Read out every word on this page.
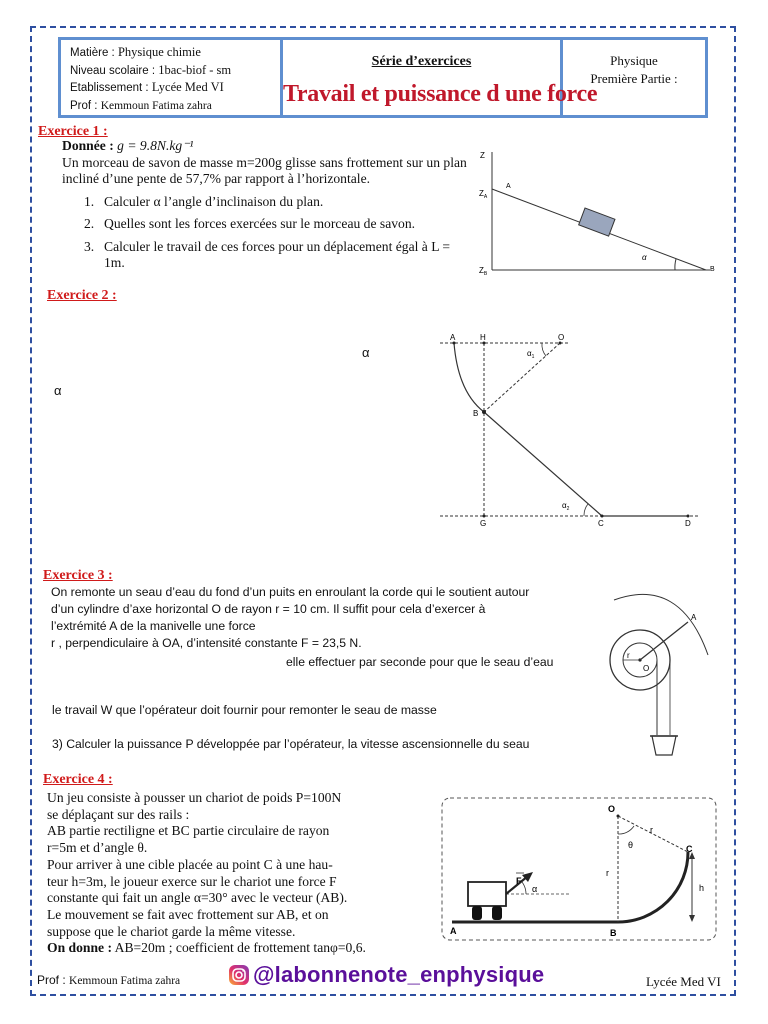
Matière : Physique chimie
Niveau scolaire : 1bac-biof - sm
Etablissement : Lycée Med VI
Prof : Kemmoun Fatima zahra
Série d’exercices
Travail et puissance d une force
Physique
Première Partie :
Exercice 1 :
Donnée : g = 9.8N.kg⁻¹
Un morceau de savon de masse m=200g glisse sans frottement sur un plan incliné d’une pente de 57,7% par rapport à l’horizontale.
1. Calculer α l’angle d’inclinaison du plan.
2. Quelles sont les forces exercées sur le morceau de savon.
3. Calculer le travail de ces forces pour un déplacement égal à L = 1m.
Z
$Z_A$
A
$Z_B$
B
α
Exercice 2 :
α
α
A	H	O
B
G	C	D
$\alpha_1$
$\alpha_2$
Exercice 3 :
On remonte un seau d’eau du fond d’un puits en enroulant la corde qui le soutient autour
d’un cylindre d’axe horizontal O de rayon r = 10 cm. Il suffit pour cela d’exercer à
l’extrémité A de la manivelle une force
r , perpendiculaire à OA, d’intensité constante F = 23,5 N.
elle effectuer par seconde pour que le seau d’eau
le travail W que l’opérateur doit fournir pour remonter le seau de masse
3) Calculer la puissance P développée par l’opérateur, la vitesse ascensionnelle du seau
A
r
O
Exercice 4 :
Un jeu consiste à pousser un chariot de poids P=100N
se déplaçant sur des rails :
AB partie rectiligne et BC partie circulaire de rayon
r=5m et d’angle θ.
Pour arriver à une cible placée au point C à une hau-
teur h=3m, le joueur exerce sur le chariot une force F
constante qui fait un angle α=30° avec le vecteur (AB).
Le mouvement se fait avec frottement sur AB, et on
suppose que le chariot garde la même vitesse.
On donne : AB=20m ; coefficient de frottement tanφ=0,6.
O
r
r
θ	C
h
A	B
F
α
Prof : Kemmoun Fatima zahra	@labonnenote_enphysique	Lycée Med VI
